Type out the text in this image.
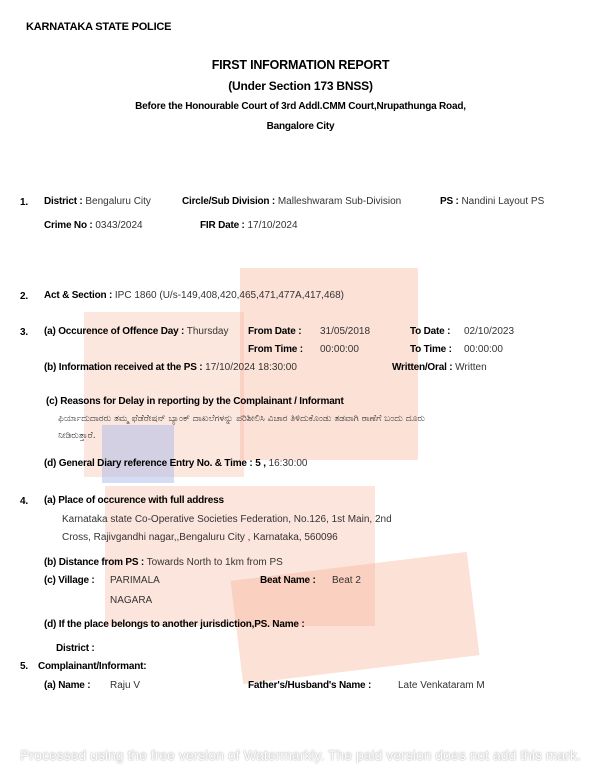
KARNATAKA STATE POLICE
FIRST INFORMATION REPORT
(Under Section 173 BNSS)
Before the Honourable Court of 3rd Addl.CMM Court,Nrupathunga Road,
Bangalore City
1. District : Bengaluru City	Circle/Sub Division : Malleshwaram Sub-Division	PS : Nandini Layout PS
Crime No : 0343/2024	FIR Date : 17/10/2024
2. Act & Section : IPC 1860 (U/s-149,408,420,465,471,477A,417,468)
3. (a) Occurence of Offence Day : Thursday From Date : 31/05/2018	To Date : 02/10/2023
From Time : 00:00:00	To Time : 00:00:00
(b) Information received at the PS : 17/10/2024 18:30:00	Written/Oral : Written
(c) Reasons for Delay in reporting by the Complainant / Informant
ಫಿರ್ಯಾದುದಾರರು ತಮ್ಮ ಫೆಡೆರೇಷನ್ ಬ್ಯಾಂಕ್ ದಾಖಲೆಗಳನ್ನು ಪರಿಶೀಲಿಸಿ ವಿಚಾರ ತಿಳಿದುಕೊಂಡು ತಡವಾಗಿ ಠಾಣೆಗೆ ಬಂದು ದೂರು
ನೀಡಿರುತ್ತಾರೆ.
(d) General Diary reference Entry No. & Time : 5 , 16:30:00
4. (a) Place of occurence with full address
Karnataka state Co-Operative Societies Federation, No.126, 1st Main, 2nd
Cross, Rajivgandhi nagar,,Bengaluru City , Karnataka, 560096
(b) Distance from PS : Towards North to 1km from PS
(c) Village : PARIMALA
NAGARA
Beat Name : Beat 2
(d) If the place belongs to another jurisdiction,PS. Name :
District :
5. Complainant/Informant:
(a) Name : Raju V	Father's/Husband's Name :	Late Venkataram M
Processed using the free version of Watermarkly. The paid version does not add this mark.
